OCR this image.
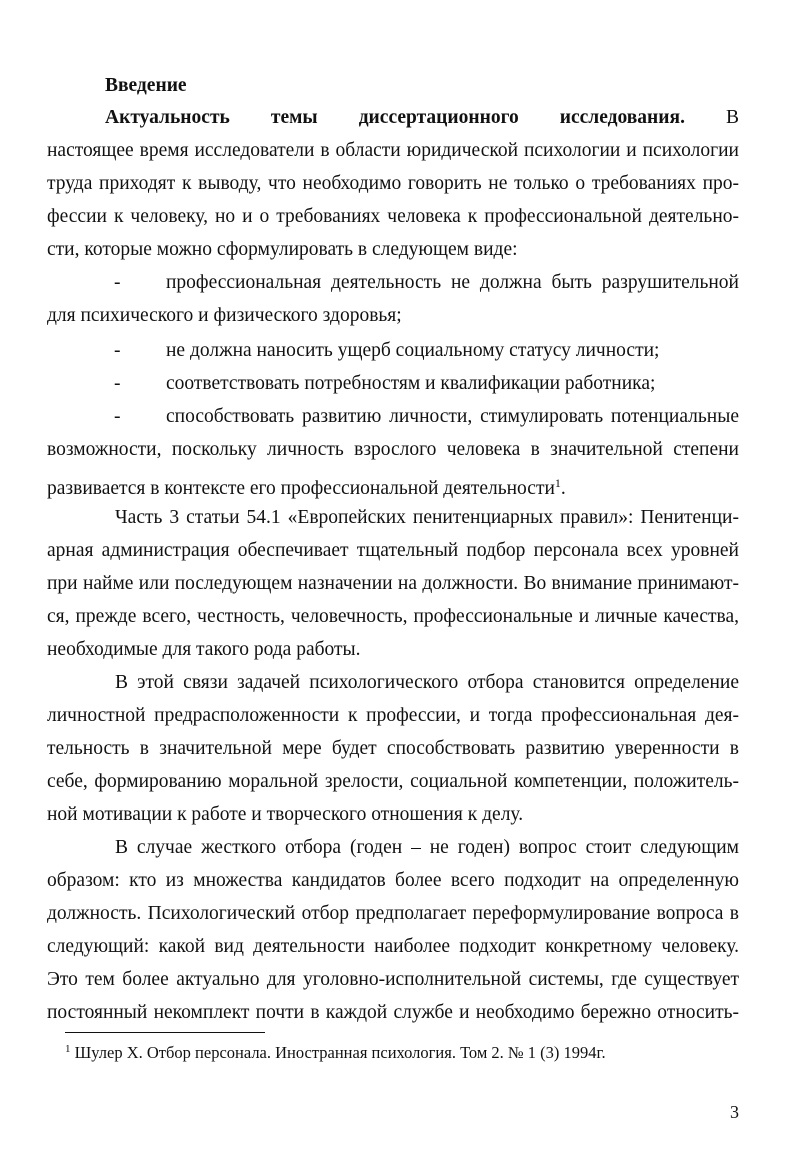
Введение
Актуальность темы диссертационного исследования. В
настоящее время исследователи в области юридической психологии и психологии
труда приходят к выводу, что необходимо говорить не только о требованиях про-
фессии к человеку, но и о требованиях человека к профессиональной деятельно-
сти, которые можно сформулировать в следующем виде:
- профессиональная деятельность не должна быть разрушительной
для психического и физического здоровья;
- не должна наносить ущерб социальному статусу личности;
- соответствовать потребностям и квалификации работника;
- способствовать развитию личности, стимулировать потенциальные
возможности, поскольку личность взрослого человека в значительной степени
развивается в контексте его профессиональной деятельности$^1$.
Часть 3 статьи 54.1 «Европейских пенитенциарных правил»: Пенитенци-
арная администрация обеспечивает тщательный подбор персонала всех уровней
при найме или последующем назначении на должности. Во внимание принимают-
ся, прежде всего, честность, человечность, профессиональные и личные качества,
необходимые для такого рода работы.
В этой связи задачей психологического отбора становится определение
личностной предрасположенности к профессии, и тогда профессиональная дея-
тельность в значительной мере будет способствовать развитию уверенности в
себе, формированию моральной зрелости, социальной компетенции, положитель-
ной мотивации к работе и творческого отношения к делу.
В случае жесткого отбора (годен – не годен) вопрос стоит следующим
образом: кто из множества кандидатов более всего подходит на определенную
должность. Психологический отбор предполагает переформулирование вопроса в
следующий: какой вид деятельности наиболее подходит конкретному человеку.
Это тем более актуально для уголовно-исполнительной системы, где существует
постоянный некомплект почти в каждой службе и необходимо бережно относить-
$^1$ Шулер Х. Отбор персонала. Иностранная психология. Том 2. № 1 (3) 1994г.
3
